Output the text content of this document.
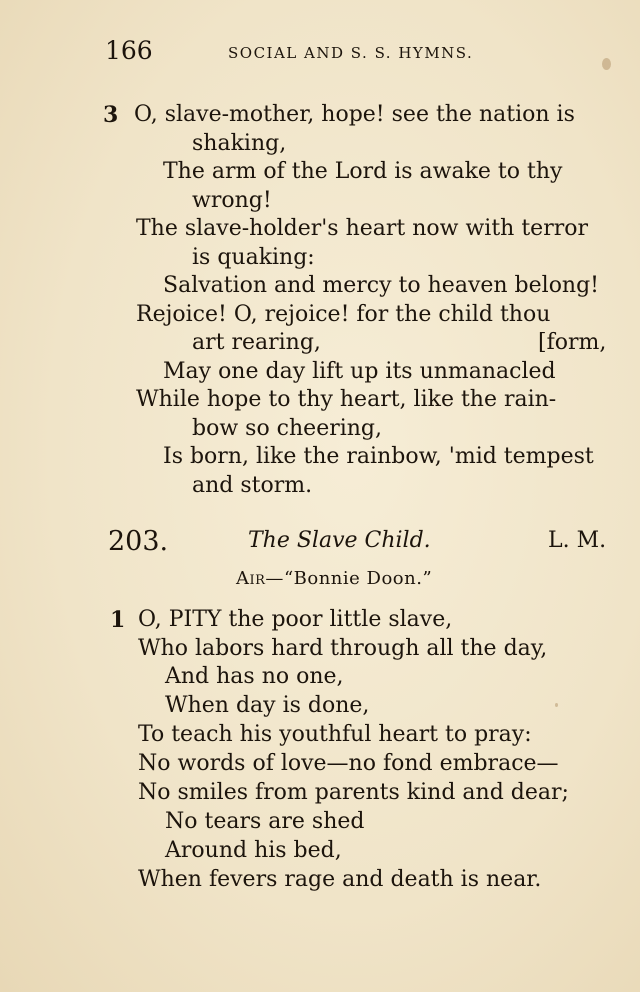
166	SOCIAL AND S. S. HYMNS.
3 O, slave-mother, hope! see the nation is
shaking,
The arm of the Lord is awake to thy
wrong!
The slave-holder's heart now with terror
is quaking:
Salvation and mercy to heaven belong!
Rejoice! O, rejoice! for the child thou
art rearing,	[form,
May one day lift up its unmanacled
While hope to thy heart, like the rain-
bow so cheering,
Is born, like the rainbow, 'mid tempest
and storm.
203.	The Slave Child.	L. M.
Air—“Bonnie Doon.”
1 O, PITY the poor little slave,
Who labors hard through all the day,
And has no one,
When day is done,
To teach his youthful heart to pray:
No words of love—no fond embrace—
No smiles from parents kind and dear;
No tears are shed
Around his bed,
When fevers rage and death is near.
